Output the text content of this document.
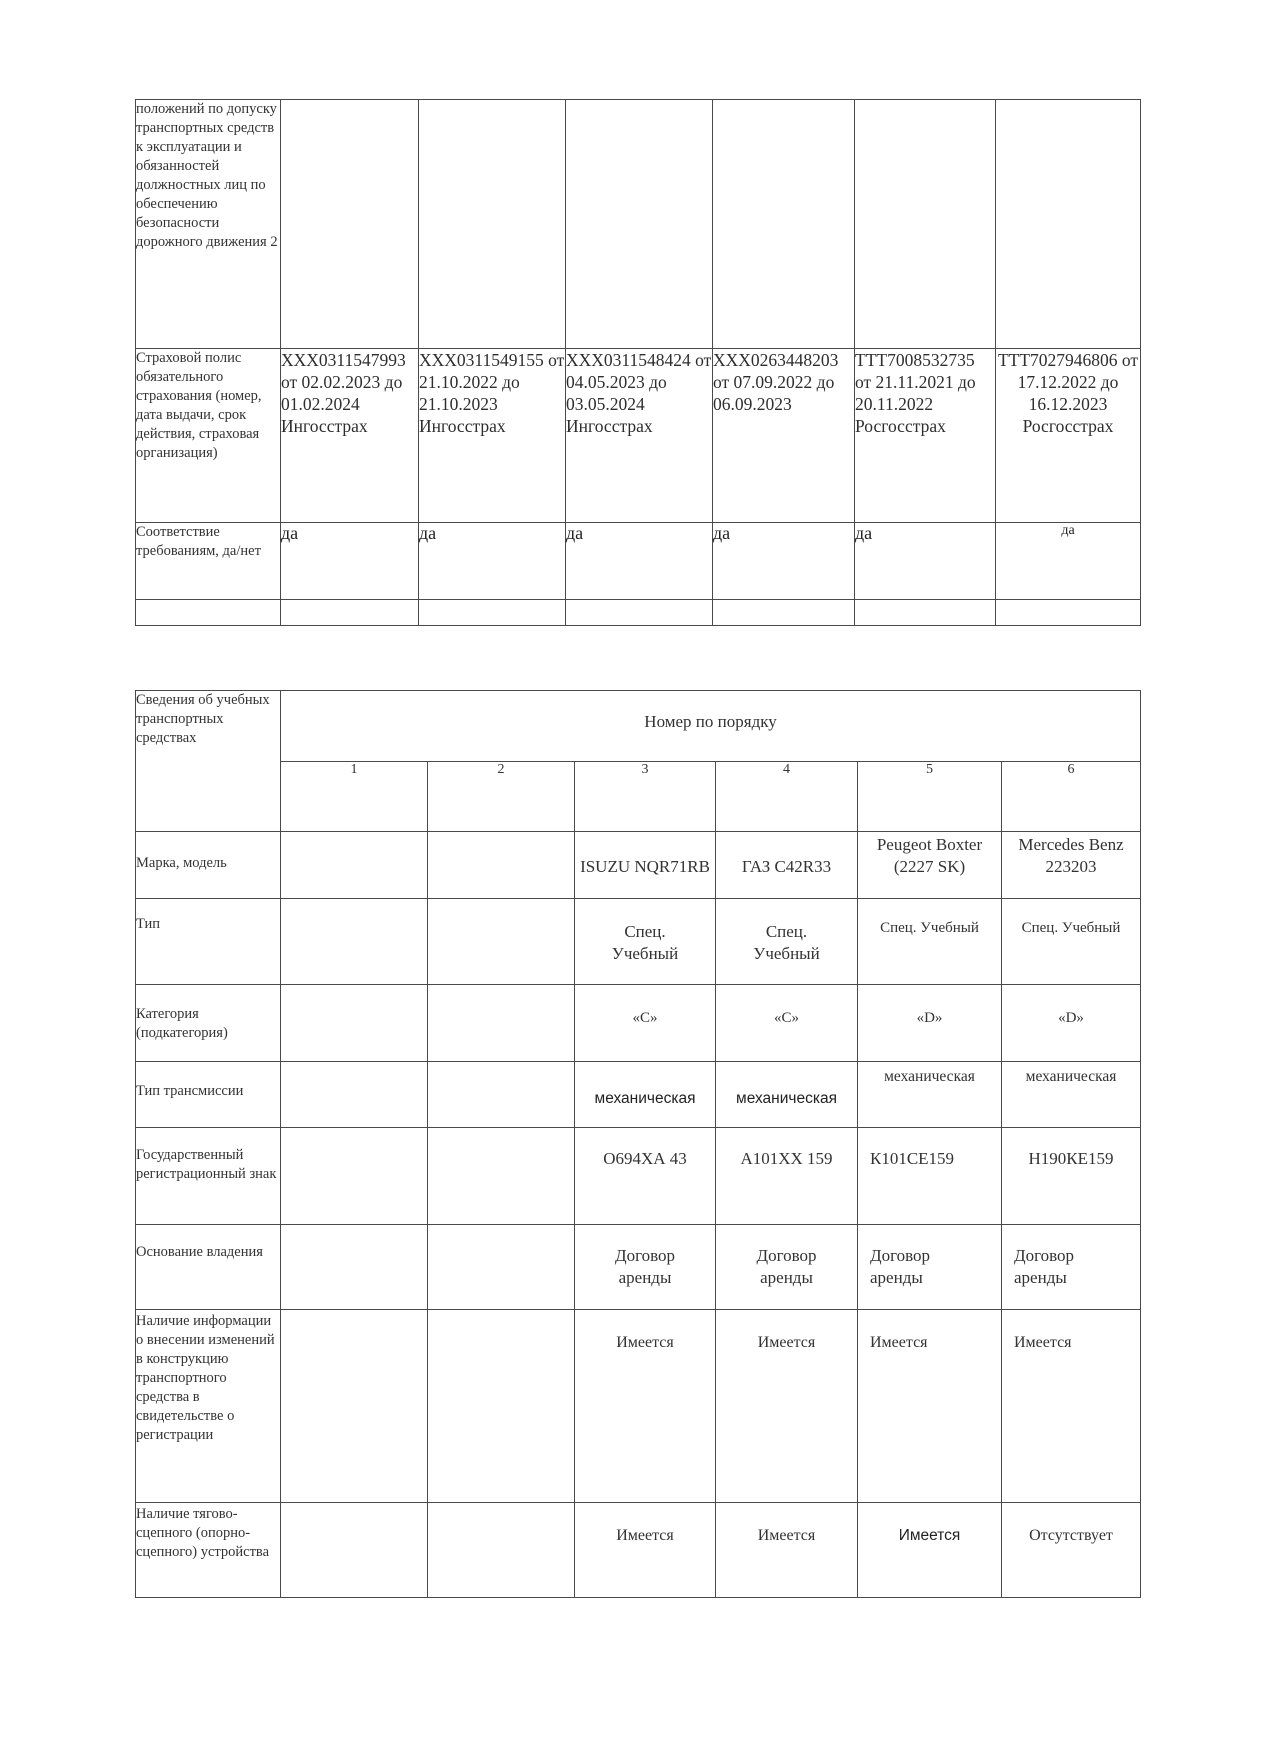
положений по допуску транспортных средств к эксплуатации и обязанностей должностных лиц по обеспечению безопасности дорожного движения 2						
Страховой полис обязательного страхования (номер, дата выдачи, срок действия, страховая организация)	XXX0311547993 от 02.02.2023 до 01.02.2024 Ингосстрах	XXX0311549155 от 21.10.2022 до 21.10.2023 Ингосстрах	XXX0311548424 от 04.05.2023 до 03.05.2024 Ингосстрах	XXX0263448203 от 07.09.2022 до 06.09.2023	ТТТ7008532735 от 21.11.2021 до 20.11.2022 Росгосстрах	ТТТ7027946806 от 17.12.2022 до 16.12.2023 Росгосстрах
Соответствие требованиям, да/нет	да	да	да	да	да	да

Сведения об учебных транспортных средствах	Номер по порядку					
	1	2	3	4	5	6
Марка, модель			ISUZU NQR71RB	ГАЗ С42R33	Peugeot Boxter (2227 SK)	Mercedes Benz 223203
Тип			Спец. Учебный	Спец. Учебный	Спец. Учебный	Спец. Учебный
Категория (подкатегория)			«С»	«С»	«D»	«D»
Тип трансмиссии			механическая	механическая	механическая	механическая
Государственный регистрационный знак			О694ХА 43	А101ХХ 159	К101СЕ159	Н190КЕ159
Основание владения			Договор аренды	Договор аренды	Договор аренды	Договор аренды
Наличие информации о внесении изменений в конструкцию транспортного средства в свидетельстве о регистрации			Имеется	Имеется	Имеется	Имеется
Наличие тягово-сцепного (опорно-сцепного) устройства			Имеется	Имеется	Имеется	Отсутствует
